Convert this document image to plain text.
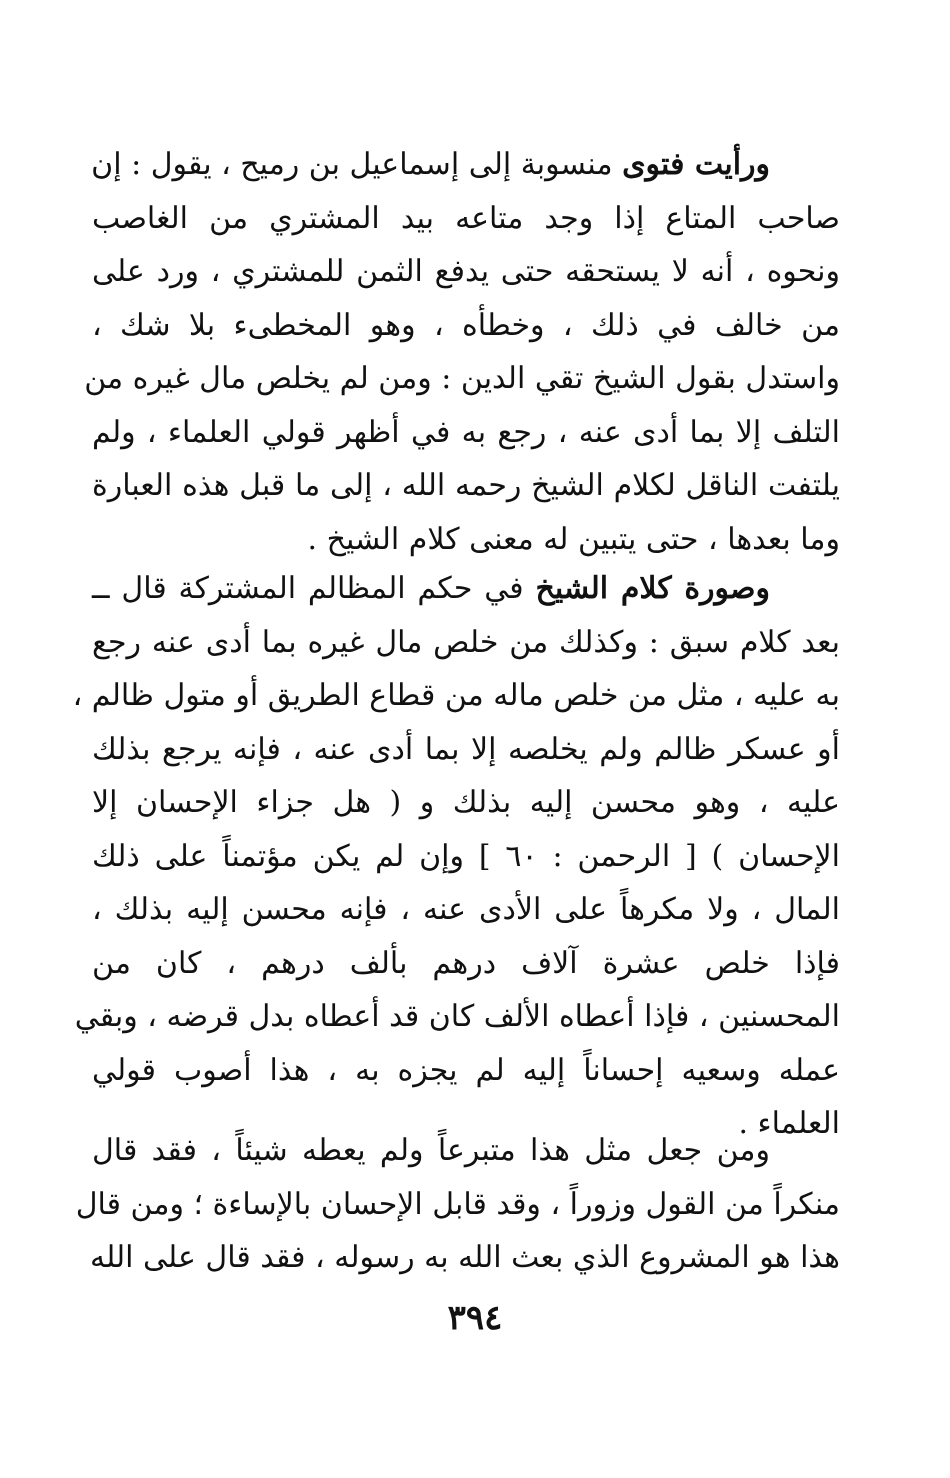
ورأيت فتوى منسوبة إلى إسماعيل بن رميح ، يقول : إن
صاحب المتاع إذا وجد متاعه بيد المشتري من الغاصب
ونحوه ، أنه لا يستحقه حتى يدفع الثمن للمشتري ، ورد على
من خالف في ذلك ، وخطأه ، وهو المخطىء بلا شك ،
واستدل بقول الشيخ تقي الدين : ومن لم يخلص مال غيره من
التلف إلا بما أدى عنه ، رجع به في أظهر قولي العلماء ، ولم
يلتفت الناقل لكلام الشيخ رحمه الله ، إلى ما قبل هذه العبارة
وما بعدها ، حتى يتبين له معنى كلام الشيخ .
وصورة كلام الشيخ في حكم المظالم المشتركة قال ــ
بعد كلام سبق : وكذلك من خلص مال غيره بما أدى عنه رجع
به عليه ، مثل من خلص ماله من قطاع الطريق أو متول ظالم ،
أو عسكر ظالم ولم يخلصه إلا بما أدى عنه ، فإنه يرجع بذلك
عليه ، وهو محسن إليه بذلك و ( هل جزاء الإحسان إلا
الإحسان ) [ الرحمن : ٦٠ ] وإن لم يكن مؤتمناً على ذلك
المال ، ولا مكرهاً على الأدى عنه ، فإنه محسن إليه بذلك ،
فإذا خلص عشرة آلاف درهم بألف درهم ، كان من
المحسنين ، فإذا أعطاه الألف كان قد أعطاه بدل قرضه ، وبقي
عمله وسعيه إحساناً إليه لم يجزه به ، هذا أصوب قولي
العلماء .
ومن جعل مثل هذا متبرعاً ولم يعطه شيئاً ، فقد قال
منكراً من القول وزوراً ، وقد قابل الإحسان بالإساءة ؛ ومن قال
هذا هو المشروع الذي بعث الله به رسوله ، فقد قال على الله
٣٩٤
